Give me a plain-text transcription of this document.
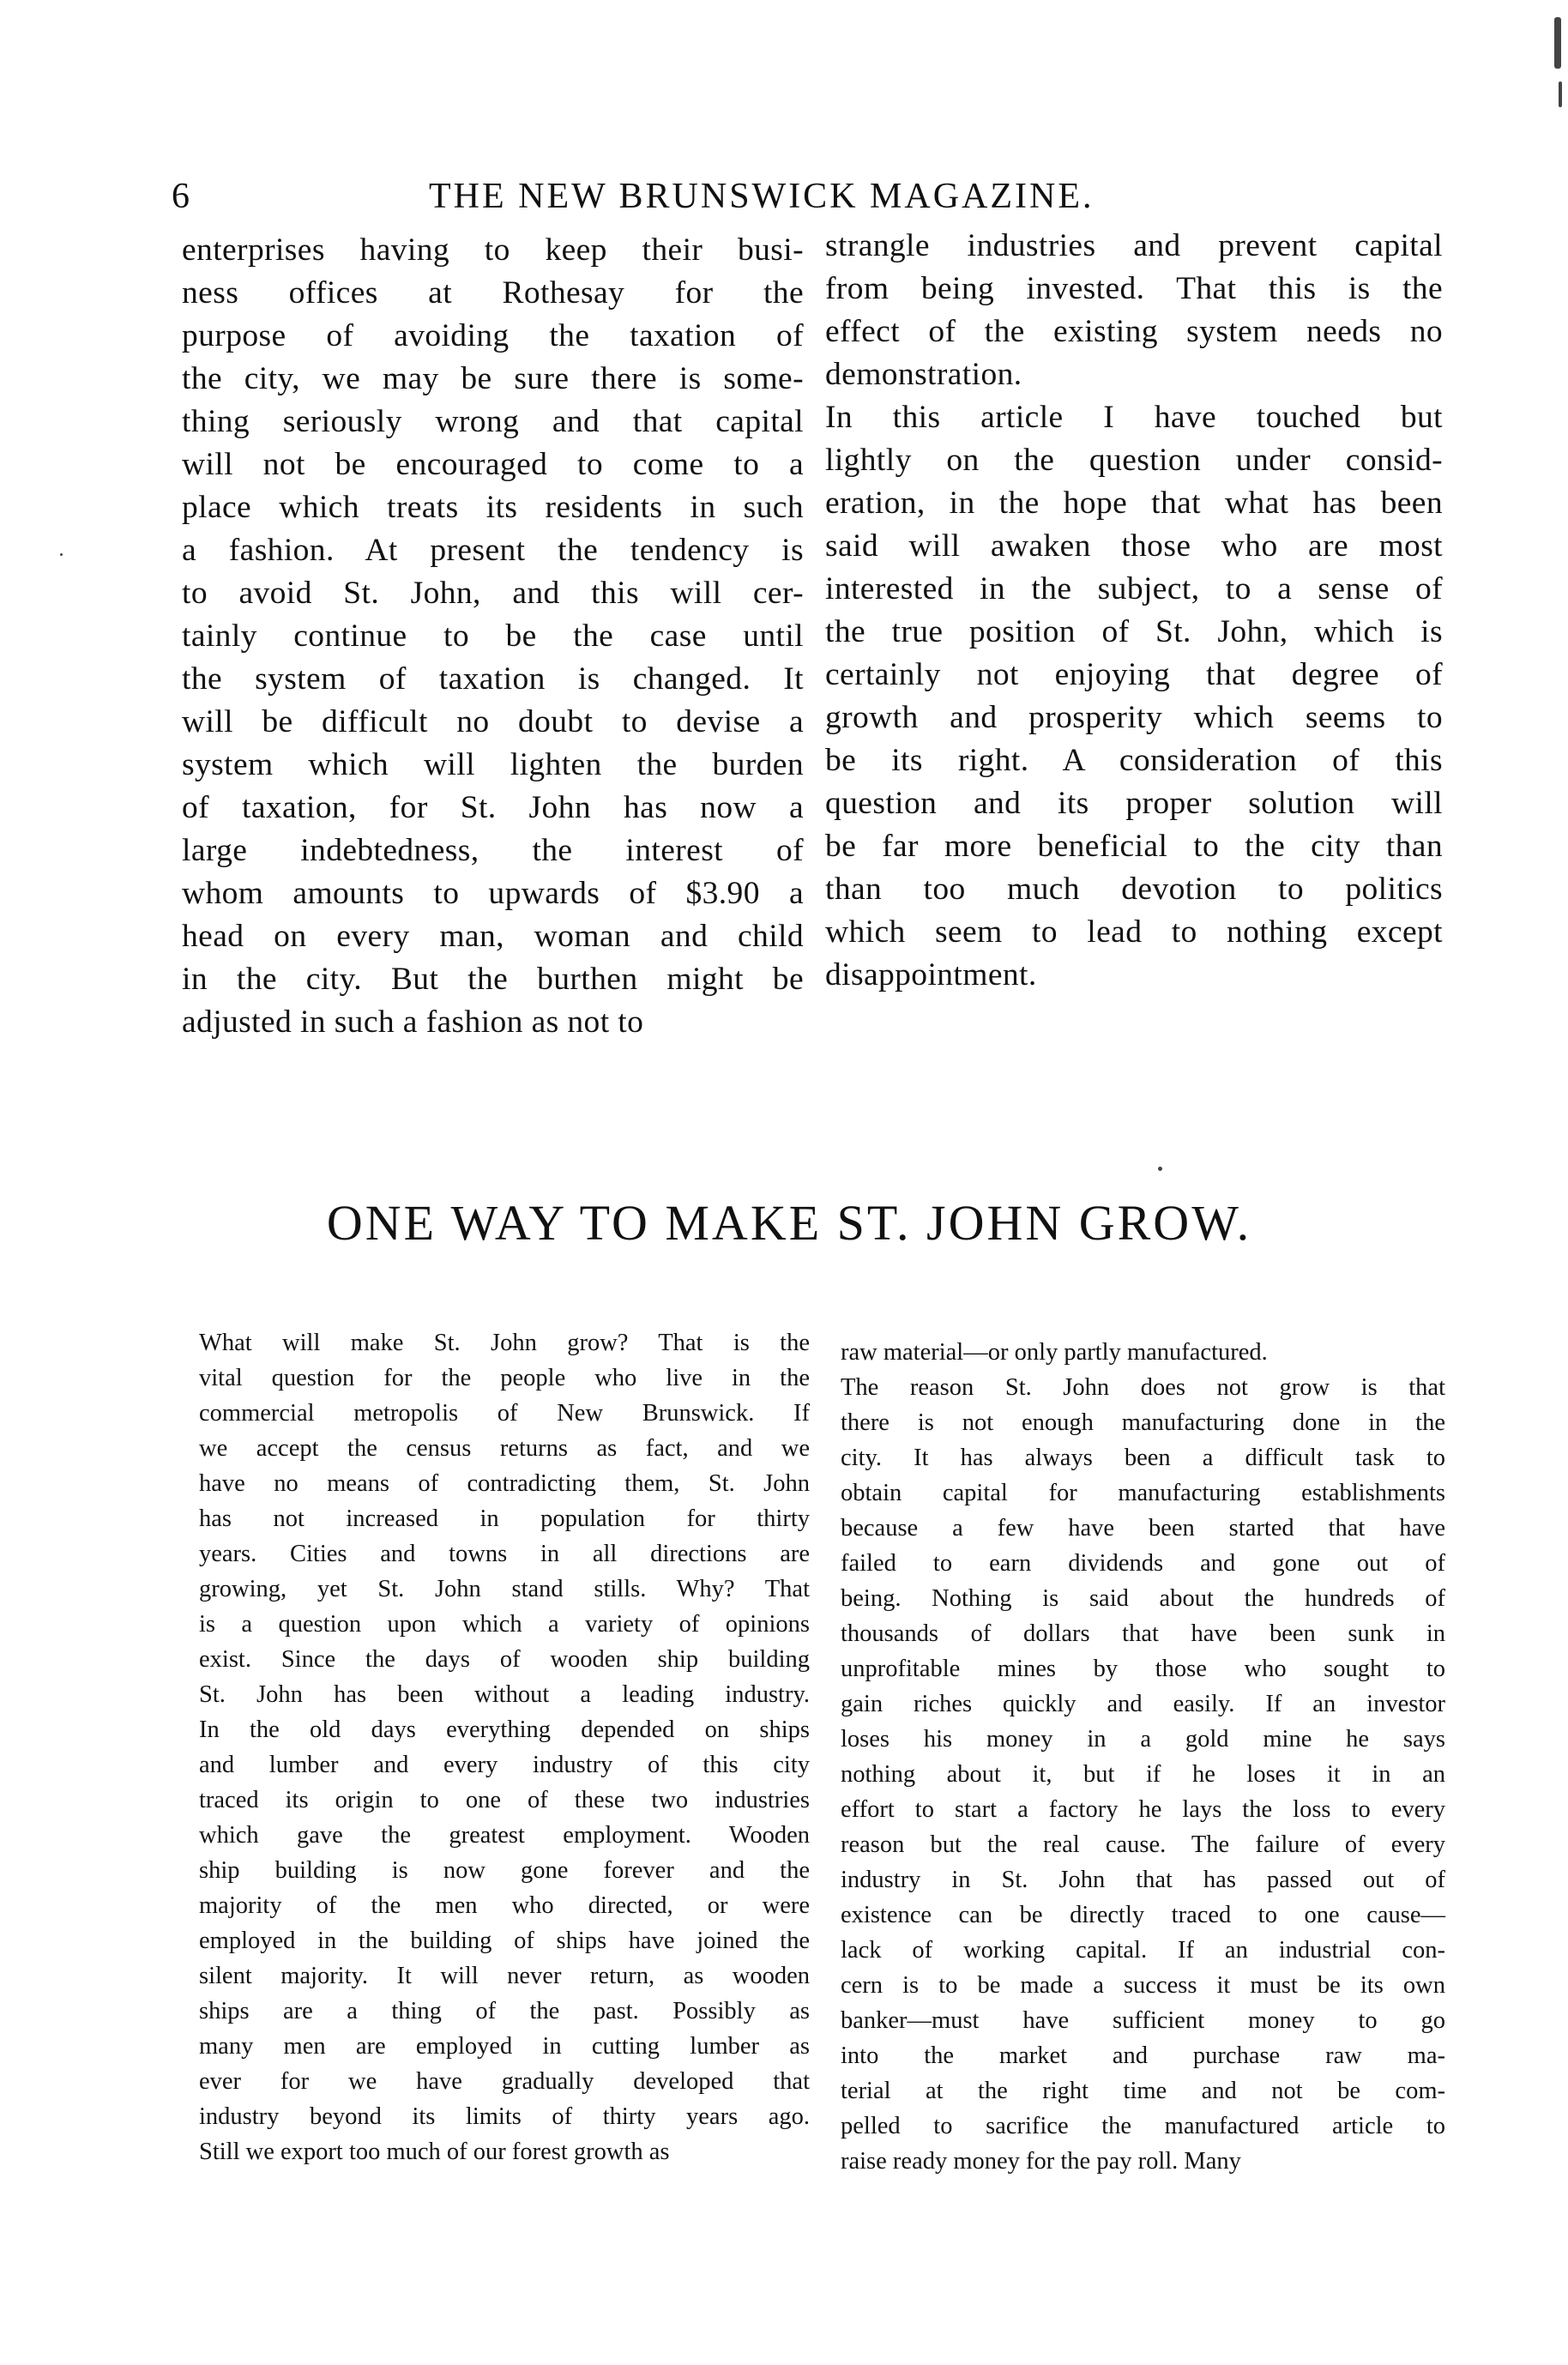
6	THE NEW BRUNSWICK MAGAZINE.
enterprises having to keep their busi-
ness offices at Rothesay for the
purpose of avoiding the taxation of
the city, we may be sure there is some-
thing seriously wrong and that capital
will not be encouraged to come to a
place which treats its residents in such
a fashion. At present the tendency is
to avoid St. John, and this will cer-
tainly continue to be the case until
the system of taxation is changed. It
will be difficult no doubt to devise a
system which will lighten the burden
of taxation, for St. John has now a
large indebtedness, the interest of
whom amounts to upwards of $3.90 a
head on every man, woman and child
in the city. But the burthen might be
adjusted in such a fashion as not to
strangle industries and prevent capital
from being invested. That this is the
effect of the existing system needs no
demonstration.
In this article I have touched but
lightly on the question under consid-
eration, in the hope that what has been
said will awaken those who are most
interested in the subject, to a sense of
the true position of St. John, which is
certainly not enjoying that degree of
growth and prosperity which seems to
be its right. A consideration of this
question and its proper solution will
be far more beneficial to the city than
than too much devotion to politics
which seem to lead to nothing except
disappointment.
ONE WAY TO MAKE ST. JOHN GROW.
What will make St. John grow? That is the
vital question for the people who live in the
commercial metropolis of New Brunswick. If
we accept the census returns as fact, and we
have no means of contradicting them, St. John
has not increased in population for thirty
years. Cities and towns in all directions are
growing, yet St. John stand stills. Why? That
is a question upon which a variety of opinions
exist. Since the days of wooden ship building
St. John has been without a leading industry.
In the old days everything depended on ships
and lumber and every industry of this city
traced its origin to one of these two industries
which gave the greatest employment. Wooden
ship building is now gone forever and the
majority of the men who directed, or were
employed in the building of ships have joined the
silent majority. It will never return, as wooden
ships are a thing of the past. Possibly as
many men are employed in cutting lumber as
ever for we have gradually developed that
industry beyond its limits of thirty years ago.
Still we export too much of our forest growth as
raw material—or only partly manufactured.
The reason St. John does not grow is that
there is not enough manufacturing done in the
city. It has always been a difficult task to
obtain capital for manufacturing establishments
because a few have been started that have
failed to earn dividends and gone out of
being. Nothing is said about the hundreds of
thousands of dollars that have been sunk in
unprofitable mines by those who sought to
gain riches quickly and easily. If an investor
loses his money in a gold mine he says
nothing about it, but if he loses it in an
effort to start a factory he lays the loss to every
reason but the real cause. The failure of every
industry in St. John that has passed out of
existence can be directly traced to one cause—
lack of working capital. If an industrial con-
cern is to be made a success it must be its own
banker—must have sufficient money to go
into the market and purchase raw ma-
terial at the right time and not be com-
pelled to sacrifice the manufactured article to
raise ready money for the pay roll. Many
